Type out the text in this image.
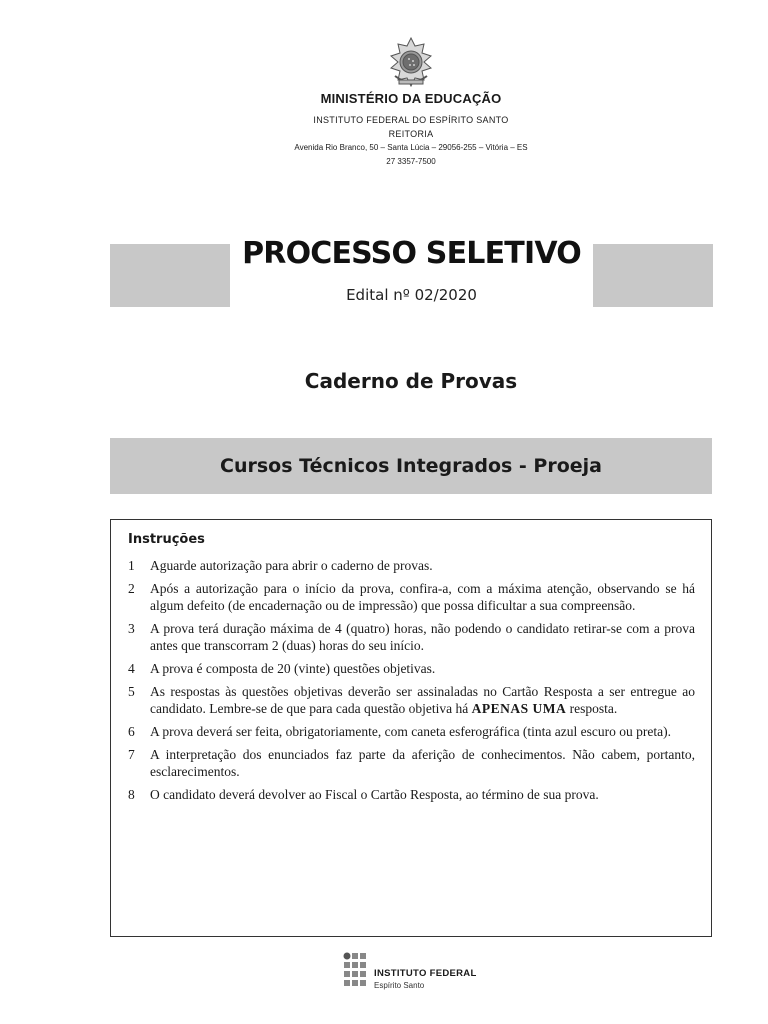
MINISTÉRIO DA EDUCAÇÃO
INSTITUTO FEDERAL DO ESPÍRITO SANTO
REITORIA
Avenida Rio Branco, 50 – Santa Lúcia – 29056-255 – Vitória – ES
27 3357-7500
PROCESSO SELETIVO
Edital nº 02/2020
Caderno de Provas
Cursos Técnicos Integrados - Proeja
Instruções
1	Aguarde autorização para abrir o caderno de provas.
2	Após a autorização para o início da prova, confira-a, com a máxima atenção, observando se há algum defeito (de encadernação ou de impressão) que possa dificultar a sua compreensão.
3	A prova terá duração máxima de 4 (quatro) horas, não podendo o candidato retirar-se com a prova antes que transcorram 2 (duas) horas do seu início.
4	A prova é composta de 20 (vinte) questões objetivas.
5	As respostas às questões objetivas deverão ser assinaladas no Cartão Resposta a ser entregue ao candidato. Lembre-se de que para cada questão objetiva há APENAS UMA resposta.
6	A prova deverá ser feita, obrigatoriamente, com caneta esferográfica (tinta azul escuro ou preta).
7	A interpretação dos enunciados faz parte da aferição de conhecimentos. Não cabem, portanto, esclarecimentos.
8	O candidato deverá devolver ao Fiscal o Cartão Resposta, ao término de sua prova.
INSTITUTO FEDERAL
Espírito Santo
